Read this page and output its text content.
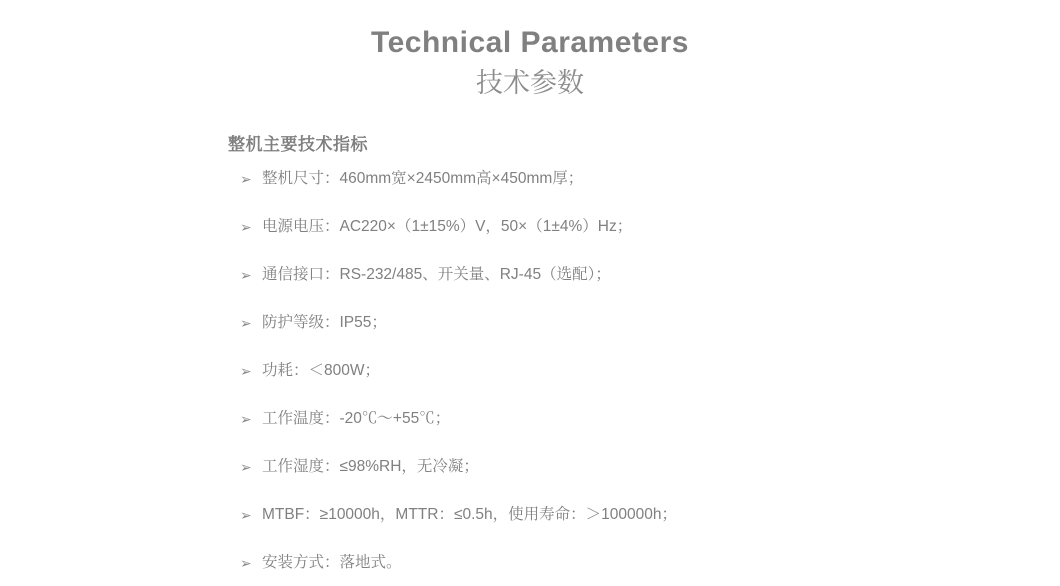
Technical Parameters
技术参数
整机主要技术指标
➢ 整机尺寸：460mm宽×2450mm高×450mm厚；
➢ 电源电压：AC220×（1±15%）V，50×（1±4%）Hz；
➢ 通信接口：RS-232/485、开关量、RJ-45（选配）；
➢ 防护等级：IP55；
➢ 功耗：＜800W；
➢ 工作温度：-20℃～+55℃；
➢ 工作湿度：≤98%RH，无冷凝；
➢ MTBF：≥10000h，MTTR：≤0.5h，使用寿命：＞100000h；
➢ 安装方式：落地式。
